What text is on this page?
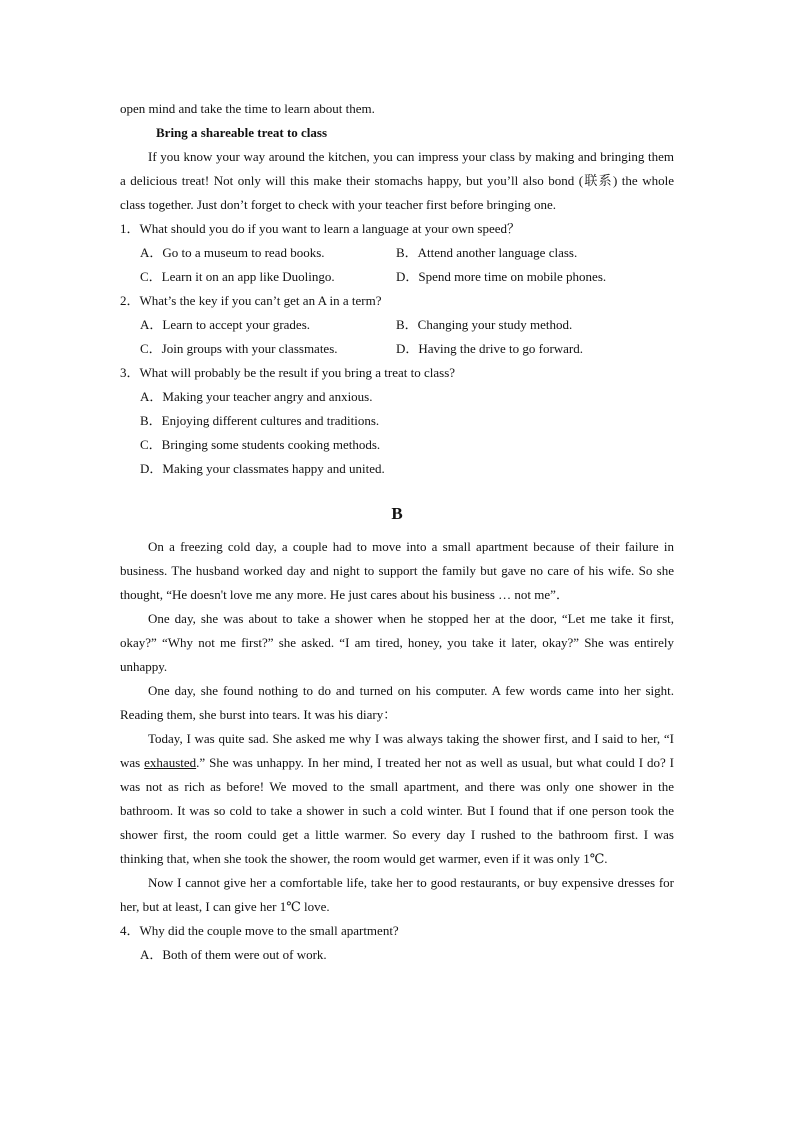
open mind and take the time to learn about them.

Bring a shareable treat to class

If you know your way around the kitchen, you can impress your class by making and bringing them a delicious treat! Not only will this make their stomachs happy, but you’ll also bond (联系) the whole class together. Just don’t forget to check with your teacher first before bringing one.

1．What should you do if you want to learn a language at your own speed？

A．Go to a museum to read books.	B．Attend another language class.
C．Learn it on an app like Duolingo.	D．Spend more time on mobile phones.

2．What’s the key if you can’t get an A in a term?

A．Learn to accept your grades.	B．Changing your study method.
C．Join groups with your classmates.	D．Having the drive to go forward.

3．What will probably be the result if you bring a treat to class?

A．Making your teacher angry and anxious.

B．Enjoying different cultures and traditions.

C．Bringing some students cooking methods.

D．Making your classmates happy and united.

B

On a freezing cold day, a couple had to move into a small apartment because of their failure in business. The husband worked day and night to support the family but gave no care of his wife. So she thought, “He doesn't love me any more. He just cares about his business … not me”．

One day, she was about to take a shower when he stopped her at the door, “Let me take it first, okay?” “Why not me first?” she asked. “I am tired, honey, you take it later, okay?” She was entirely unhappy.

One day, she found nothing to do and turned on his computer. A few words came into her sight. Reading them, she burst into tears. It was his diary：

Today, I was quite sad. She asked me why I was always taking the shower first, and I said to her, “I was exhausted.” She was unhappy. In her mind, I treated her not as well as usual, but what could I do? I was not as rich as before! We moved to the small apartment, and there was only one shower in the bathroom. It was so cold to take a shower in such a cold winter. But I found that if one person took the shower first, the room could get a little warmer. So every day I rushed to the bathroom first. I was thinking that, when she took the shower, the room would get warmer, even if it was only 1℃.

Now I cannot give her a comfortable life, take her to good restaurants, or buy expensive dresses for her, but at least, I can give her 1℃ love.

4．Why did the couple move to the small apartment?

A．Both of them were out of work.
